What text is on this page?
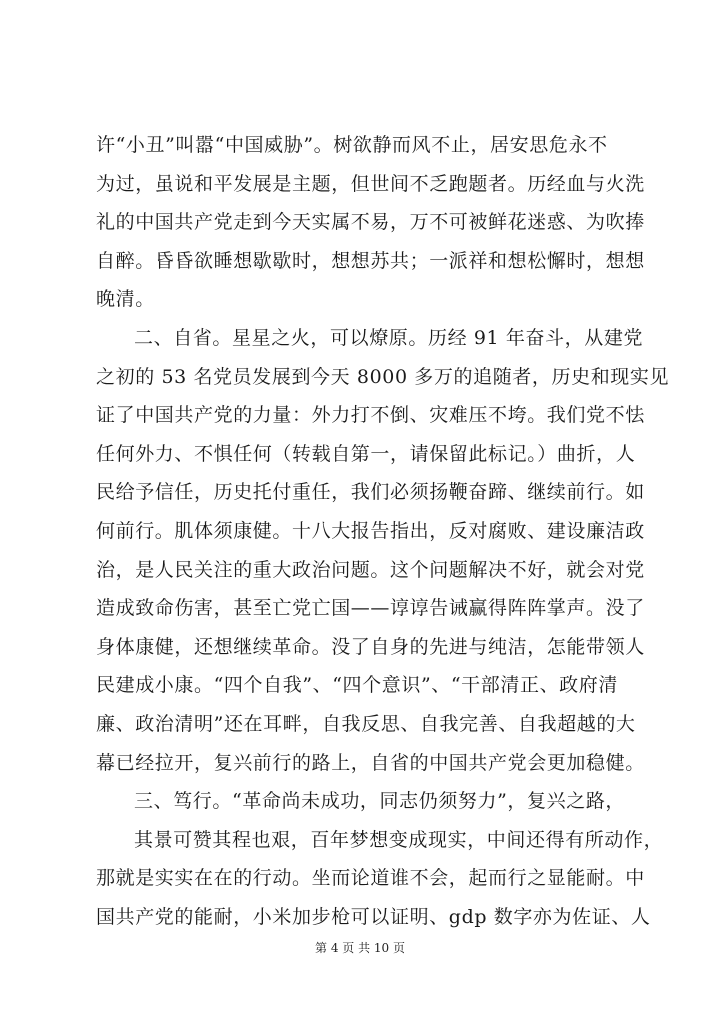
许“小丑”叫嚣“中国威胁”。树欲静而风不止，居安思危永不
为过，虽说和平发展是主题，但世间不乏跑题者。历经血与火洗
礼的中国共产党走到今天实属不易，万不可被鲜花迷惑、为吹捧
自醉。昏昏欲睡想歇歇时，想想苏共；一派祥和想松懈时，想想
晚清。
二、自省。星星之火，可以燎原。历经 91 年奋斗，从建党
之初的 53 名党员发展到今天 8000 多万的追随者，历史和现实见
证了中国共产党的力量：外力打不倒、灾难压不垮。我们党不怯
任何外力、不惧任何（转载自第一，请保留此标记。）曲折，人
民给予信任，历史托付重任，我们必须扬鞭奋蹄、继续前行。如
何前行。肌体须康健。十八大报告指出，反对腐败、建设廉洁政
治，是人民关注的重大政治问题。这个问题解决不好，就会对党
造成致命伤害，甚至亡党亡国——谆谆告诫赢得阵阵掌声。没了
身体康健，还想继续革命。没了自身的先进与纯洁，怎能带领人
民建成小康。“四个自我”、“四个意识”、“干部清正、政府清
廉、政治清明”还在耳畔，自我反思、自我完善、自我超越的大
幕已经拉开，复兴前行的路上，自省的中国共产党会更加稳健。
三、笃行。“革命尚未成功，同志仍须努力”，复兴之路，
其景可赞其程也艰，百年梦想变成现实，中间还得有所动作，
那就是实实在在的行动。坐而论道谁不会，起而行之显能耐。中
国共产党的能耐，小米加步枪可以证明、gdp 数字亦为佐证、人
第 4 页 共 10 页
